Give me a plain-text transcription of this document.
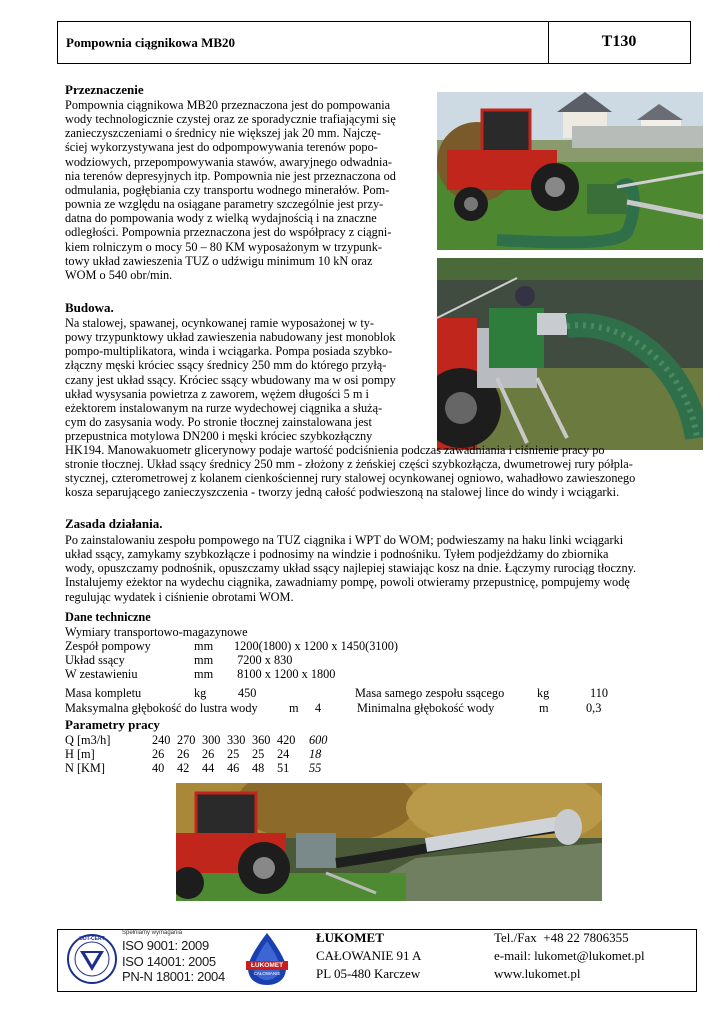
Pompownia ciągnikowa MB20	T130
Przeznaczenie
Pompownia ciągnikowa MB20 przeznaczona jest do pompowania
wody technologicznie czystej oraz ze sporadycznie trafiającymi się
zanieczyszczeniami o średnicy nie większej jak 20 mm. Najczę-
ściej wykorzystywana jest do odpompowywania terenów popo-
wodziowych, przepompowywania stawów, awaryjnego odwadnia-
nia terenów depresyjnych itp. Pompownia nie jest przeznaczona od
odmulania, pogłębiania czy transportu wodnego minerałów. Pom-
pownia ze względu na osiągane parametry szczególnie jest przy-
datna do pompowania wody z wielką wydajnością i na znaczne
odległości. Pompownia przeznaczona jest do współpracy z ciągni-
kiem rolniczym o mocy 50 – 80 KM wyposażonym w trzypunk-
towy układ zawieszenia TUZ o udźwigu minimum 10 kN oraz
WOM o 540 obr/min.
Budowa.
Na stalowej, spawanej, ocynkowanej ramie wyposażonej w ty-
powy trzypunktowy układ zawieszenia nabudowany jest monoblok
pompo-multiplikatora, winda i wciągarka. Pompa posiada szybko-
złączny męski króciec ssący średnicy 250 mm do którego przyłą-
czany jest układ ssący. Króciec ssący wbudowany ma w osi pompy
układ wysysania powietrza z zaworem, wężem długości 5 m i
eżektorem instalowanym na rurze wydechowej ciągnika a służą-
cym do zasysania wody. Po stronie tłocznej zainstalowana jest
przepustnica motylowa DN200 i męski króciec szybkozłączny
HK194. Manowakuometr glicerynowy podaje wartość podciśnienia podczas zawadniania i ciśnienie pracy po
stronie tłocznej. Układ ssący średnicy 250 mm - złożony z żeńskiej części szybkozłącza, dwumetrowej rury półpla-
stycznej, czterometrowej z kolanem cienkościennej rury stalowej ocynkowanej ogniowo, wahadłowo zawieszonego
kosza separującego zanieczyszczenia - tworzy jedną całość podwieszoną na stalowej lince do windy i wciągarki.
Zasada działania.
Po zainstalowaniu zespołu pompowego na TUZ ciągnika i WPT do WOM; podwieszamy na haku linki wciągarki
układ ssący, zamykamy szybkozłącze i podnosimy na windzie i podnośniku. Tyłem podjeżdżamy do zbiornika
wody, opuszczamy podnośnik, opuszczamy układ ssący najlepiej stawiając kosz na dnie. Łączymy rurociąg tłoczny.
Instalujemy eżektor na wydechu ciągnika, zawadniamy pompę, powoli otwieramy przepustnicę, pompujemy wodę
regulując wydatek i ciśnienie obrotami WOM.
Dane techniczne
Wymiary transportowo-magazynowe
Zespół pompowy	mm	1200(1800) x 1200 x 1450(3100)
Układ ssący	mm	7200 x 830
W zestawieniu	mm	8100 x 1200 x 1800
Masa kompletu	kg	450	Masa samego zespołu ssącego	kg	110
Maksymalna głębokość do lustra wody	m 4	Minimalna głębokość wody	m	0,3
Parametry pracy
Q [m3/h]	240	270	300	330	360	420	600
H [m]	26	26	26	25	25	24	18
N [KM]	40	42	44	46	48	51	55
Spełniamy wymagania
UDT-CERT	ISO 9001: 2009
ISO 14001: 2005
PN-N 18001: 2004
ŁUKOMET
CAŁOWANIE
ŁUKOMET
CAŁOWANIE 91 A
PL 05-480 Karczew
Tel./Fax  +48 22 7806355
e-mail: lukomet@lukomet.pl
www.lukomet.pl
